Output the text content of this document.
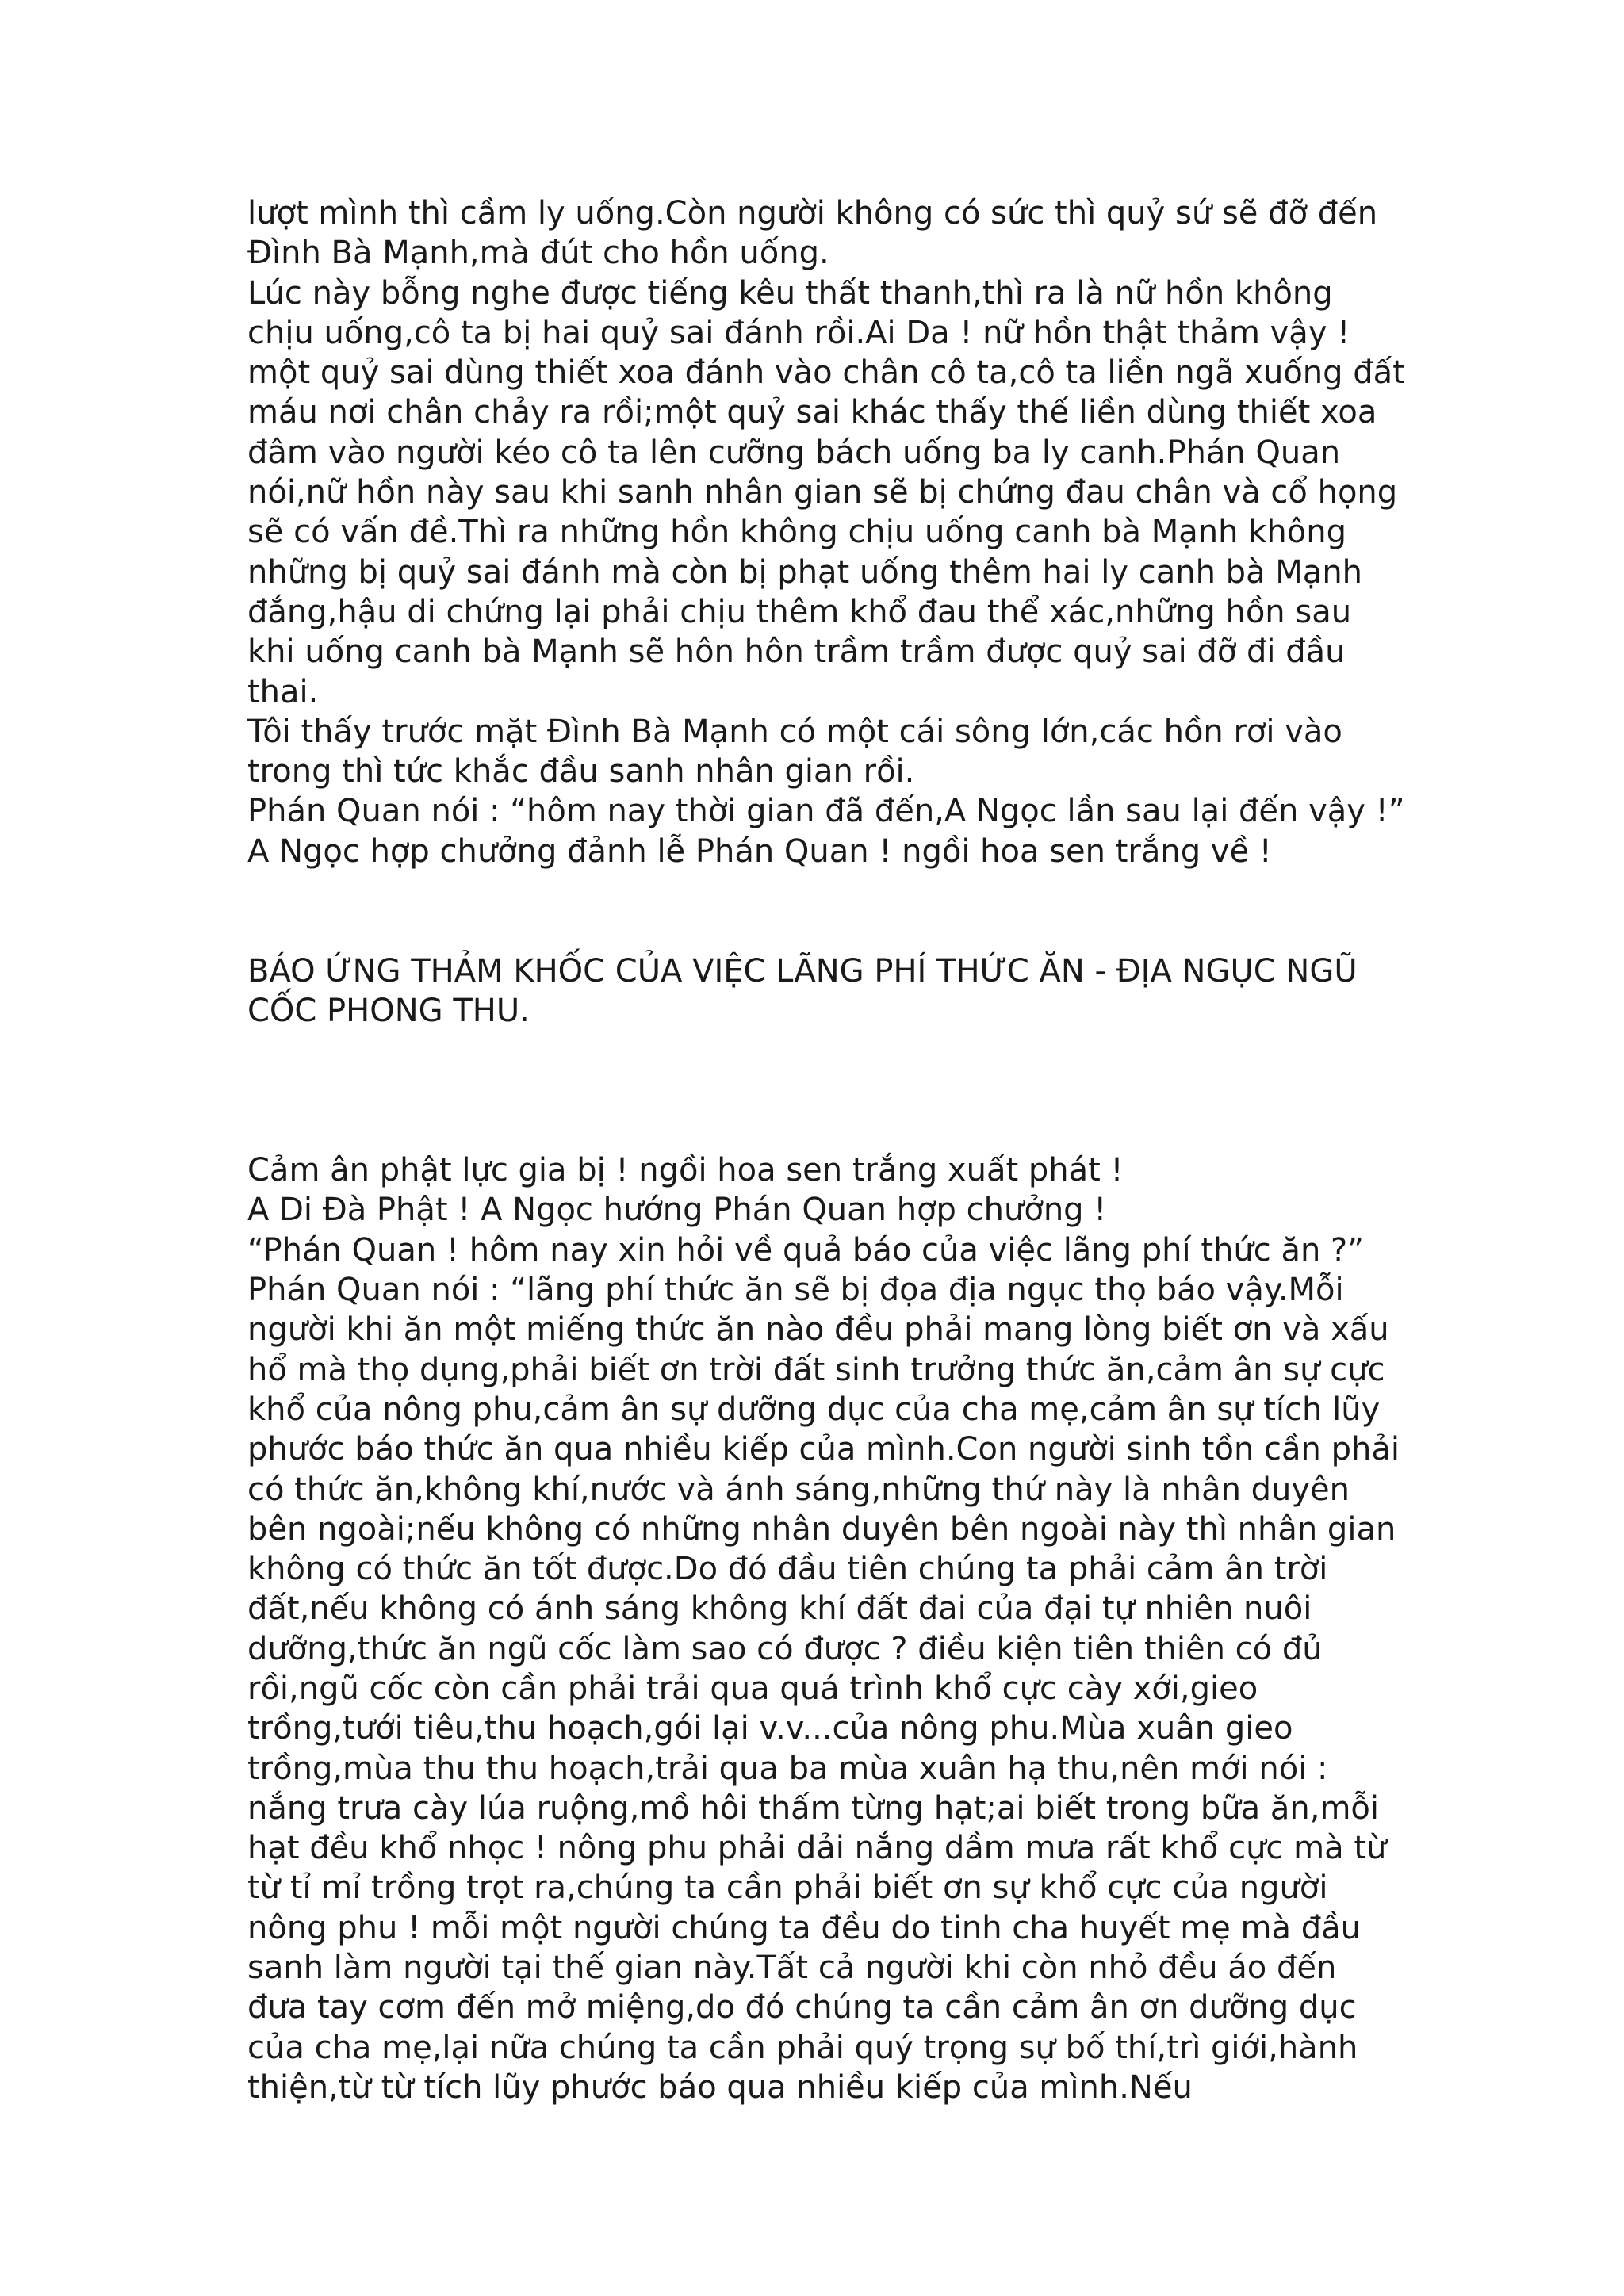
lượt mình thì cầm ly uống.Còn người không có sức thì quỷ sứ sẽ đỡ đến Đình Bà Mạnh,mà đút cho hồn uống.

Lúc này bỗng nghe được tiếng kêu thất thanh,thì ra là nữ hồn không chịu uống,cô ta bị hai quỷ sai đánh rồi.Ai Da ! nữ hồn thật thảm vậy ! một quỷ sai dùng thiết xoa đánh vào chân cô ta,cô ta liền ngã xuống đất máu nơi chân chảy ra rồi;một quỷ sai khác thấy thế liền dùng thiết xoa đâm vào người kéo cô ta lên cưỡng bách uống ba ly canh.Phán Quan nói,nữ hồn này sau khi sanh nhân gian sẽ bị chứng đau chân và cổ họng sẽ có vấn đề.Thì ra những hồn không chịu uống canh bà Mạnh không những bị quỷ sai đánh mà còn bị phạt uống thêm hai ly canh bà Mạnh đắng,hậu di chứng lại phải chịu thêm khổ đau thể xác,những hồn sau khi uống canh bà Mạnh sẽ hôn hôn trầm trầm được quỷ sai đỡ đi đầu thai.

Tôi thấy trước mặt Đình Bà Mạnh có một cái sông lớn,các hồn rơi vào trong thì tức khắc đầu sanh nhân gian rồi.

Phán Quan nói : “hôm nay thời gian đã đến,A Ngọc lần sau lại đến vậy !”

A Ngọc hợp chưởng đảnh lễ Phán Quan ! ngồi hoa sen trắng về !

BÁO ỨNG THẢM KHỐC CỦA VIỆC LÃNG PHÍ THỨC ĂN - ĐỊA NGỤC NGŨ CỐC PHONG THU.

Cảm ân phật lực gia bị ! ngồi hoa sen trắng xuất phát !

A Di Đà Phật ! A Ngọc hướng Phán Quan hợp chưởng !

“Phán Quan ! hôm nay xin hỏi về quả báo của việc lãng phí thức ăn ?”

Phán Quan nói : “lãng phí thức ăn sẽ bị đọa địa ngục thọ báo vậy.Mỗi người khi ăn một miếng thức ăn nào đều phải mang lòng biết ơn và xấu hổ mà thọ dụng,phải biết ơn trời đất sinh trưởng thức ăn,cảm ân sự cực khổ của nông phu,cảm ân sự dưỡng dục của cha mẹ,cảm ân sự tích lũy phước báo thức ăn qua nhiều kiếp của mình.Con người sinh tồn cần phải có thức ăn,không khí,nước và ánh sáng,những thứ này là nhân duyên bên ngoài;nếu không có những nhân duyên bên ngoài này thì nhân gian không có thức ăn tốt được.Do đó đầu tiên chúng ta phải cảm ân trời đất,nếu không có ánh sáng không khí đất đai của đại tự nhiên nuôi dưỡng,thức ăn ngũ cốc làm sao có được ? điều kiện tiên thiên có đủ rồi,ngũ cốc còn cần phải trải qua quá trình khổ cực cày xới,gieo trồng,tưới tiêu,thu hoạch,gói lại v.v...của nông phu.Mùa xuân gieo trồng,mùa thu thu hoạch,trải qua ba mùa xuân hạ thu,nên mới nói : nắng trưa cày lúa ruộng,mồ hôi thấm từng hạt;ai biết trong bữa ăn,mỗi hạt đều khổ nhọc ! nông phu phải dải nắng dầm mưa rất khổ cực mà từ từ tỉ mỉ trồng trọt ra,chúng ta cần phải biết ơn sự khổ cực của người nông phu ! mỗi một người chúng ta đều do tinh cha huyết mẹ mà đầu sanh làm người tại thế gian này.Tất cả người khi còn nhỏ đều áo đến đưa tay cơm đến mở miệng,do đó chúng ta cần cảm ân ơn dưỡng dục của cha mẹ,lại nữa chúng ta cần phải quý trọng sự bố thí,trì giới,hành thiện,từ từ tích lũy phước báo qua nhiều kiếp của mình.Nếu
